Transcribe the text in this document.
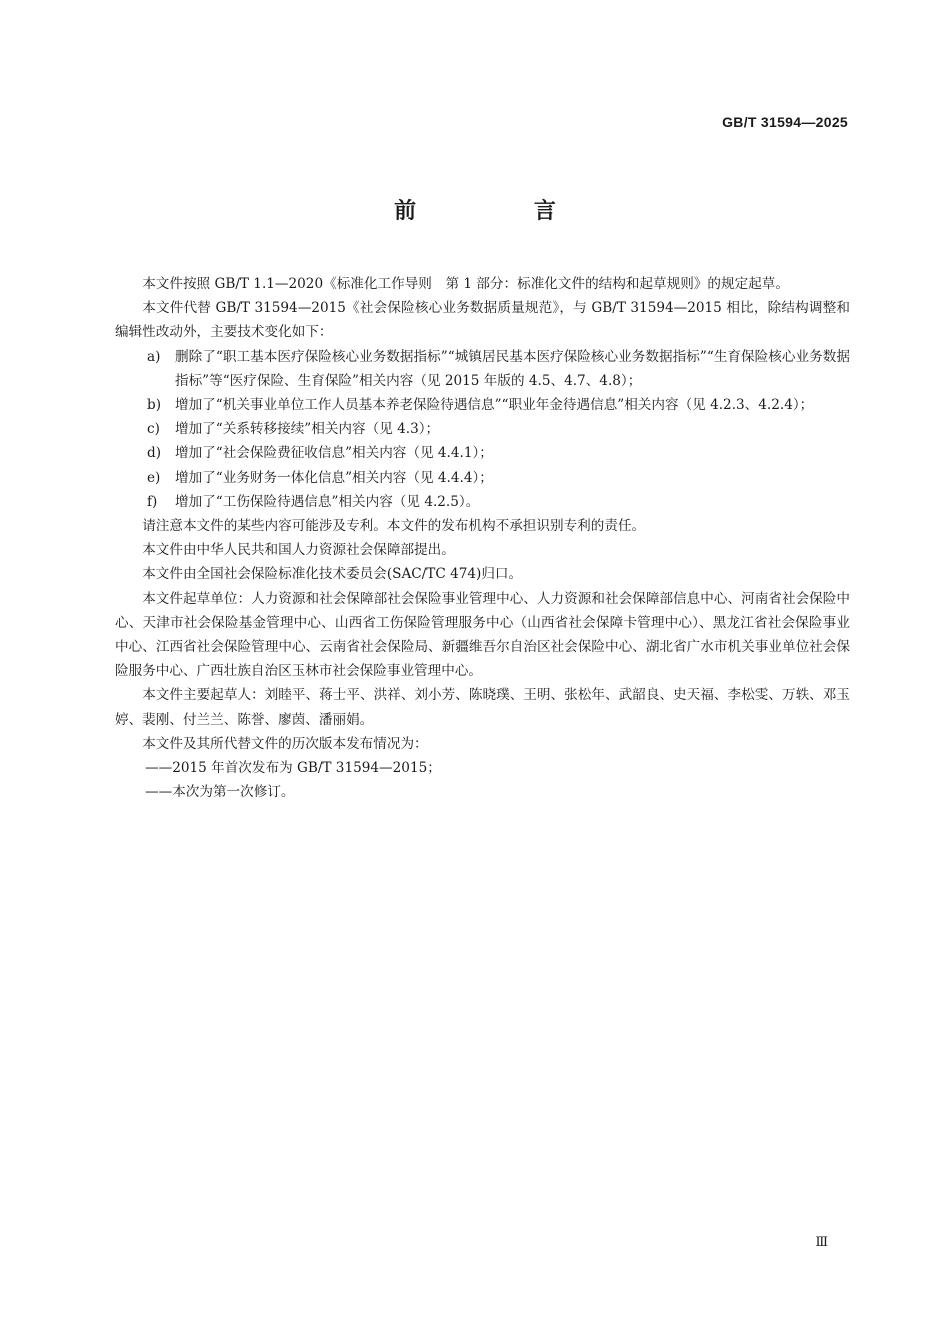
GB/T 31594—2025
前 言

本文件按照 GB/T 1.1—2020《标准化工作导则　第 1 部分：标准化文件的结构和起草规则》的规定起草。

本文件代替 GB/T 31594—2015《社会保险核心业务数据质量规范》，与 GB/T 31594—2015 相比，除结构调整和编辑性改动外，主要技术变化如下：

a) 删除了“职工基本医疗保险核心业务数据指标”“城镇居民基本医疗保险核心业务数据指标”“生育保险核心业务数据指标”等“医疗保险、生育保险”相关内容（见 2015 年版的 4.5、4.7、4.8）；

b) 增加了“机关事业单位工作人员基本养老保险待遇信息”“职业年金待遇信息”相关内容（见 4.2.3、4.2.4）；

c) 增加了“关系转移接续”相关内容（见 4.3）；

d) 增加了“社会保险费征收信息”相关内容（见 4.4.1）；

e) 增加了“业务财务一体化信息”相关内容（见 4.4.4）；

f) 增加了“工伤保险待遇信息”相关内容（见 4.2.5）。

请注意本文件的某些内容可能涉及专利。本文件的发布机构不承担识别专利的责任。

本文件由中华人民共和国人力资源社会保障部提出。

本文件由全国社会保险标准化技术委员会(SAC/TC 474)归口。

本文件起草单位：人力资源和社会保障部社会保险事业管理中心、人力资源和社会保障部信息中心、河南省社会保险中心、天津市社会保险基金管理中心、山西省工伤保险管理服务中心（山西省社会保障卡管理中心）、黑龙江省社会保险事业中心、江西省社会保险管理中心、云南省社会保险局、新疆维吾尔自治区社会保险中心、湖北省广水市机关事业单位社会保险服务中心、广西壮族自治区玉林市社会保险事业管理中心。

本文件主要起草人：刘睦平、蒋士平、洪祥、刘小芳、陈晓璞、王明、张松年、武韶良、史天福、李松雯、万轶、邓玉婷、裴刚、付兰兰、陈誉、廖茵、潘丽娟。

本文件及其所代替文件的历次版本发布情况为：

——2015 年首次发布为 GB/T 31594—2015；

——本次为第一次修订。

Ⅲ
